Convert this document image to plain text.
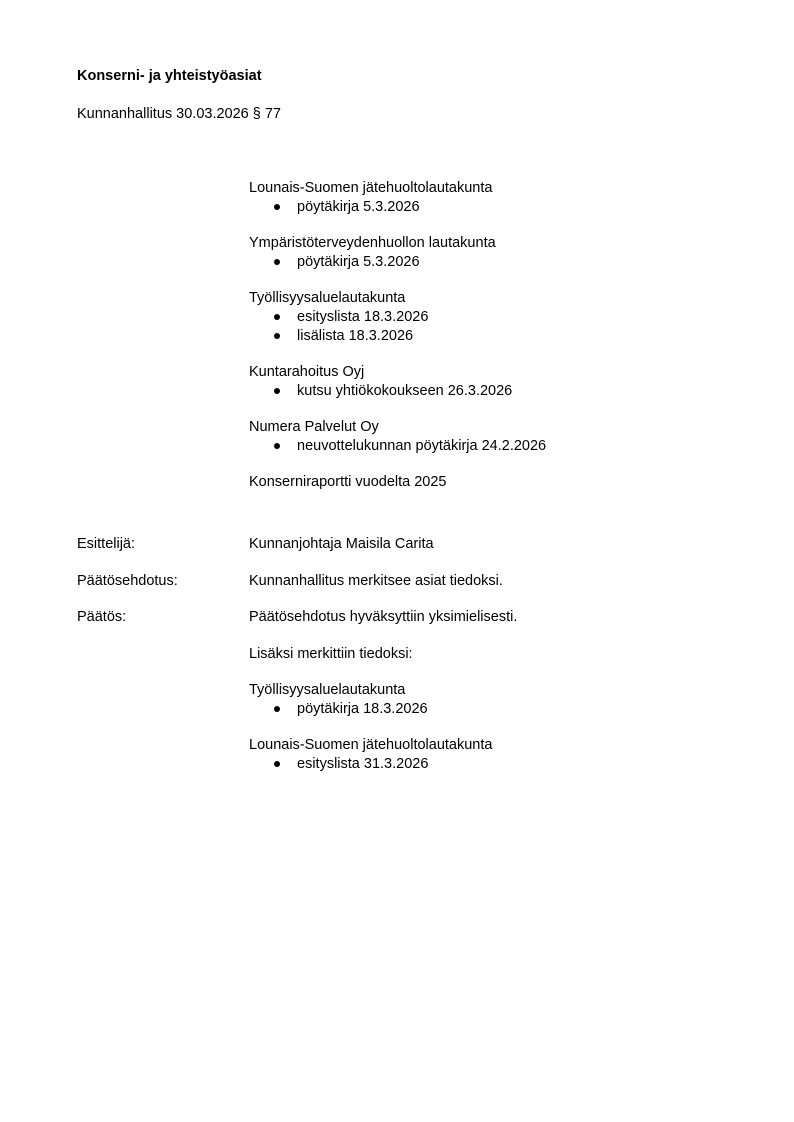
Konserni- ja yhteistyöasiat
Kunnanhallitus 30.03.2026 § 77
Lounais-Suomen jätehuoltolautakunta
pöytäkirja 5.3.2026
Ympäristöterveydenhuollon lautakunta
pöytäkirja 5.3.2026
Työllisyysaluelautakunta
esityslista 18.3.2026
lisälista 18.3.2026
Kuntarahoitus Oyj
kutsu yhtiökokoukseen 26.3.2026
Numera Palvelut Oy
neuvottelukunnan pöytäkirja 24.2.2026
Konserniraportti vuodelta 2025
Esittelijä:	Kunnanjohtaja Maisila Carita
Päätösehdotus:	Kunnanhallitus merkitsee asiat tiedoksi.
Päätös:	Päätösehdotus hyväksyttiin yksimielisesti.
Lisäksi merkittiin tiedoksi:
Työllisyysaluelautakunta
pöytäkirja 18.3.2026
Lounais-Suomen jätehuoltolautakunta
esityslista 31.3.2026
